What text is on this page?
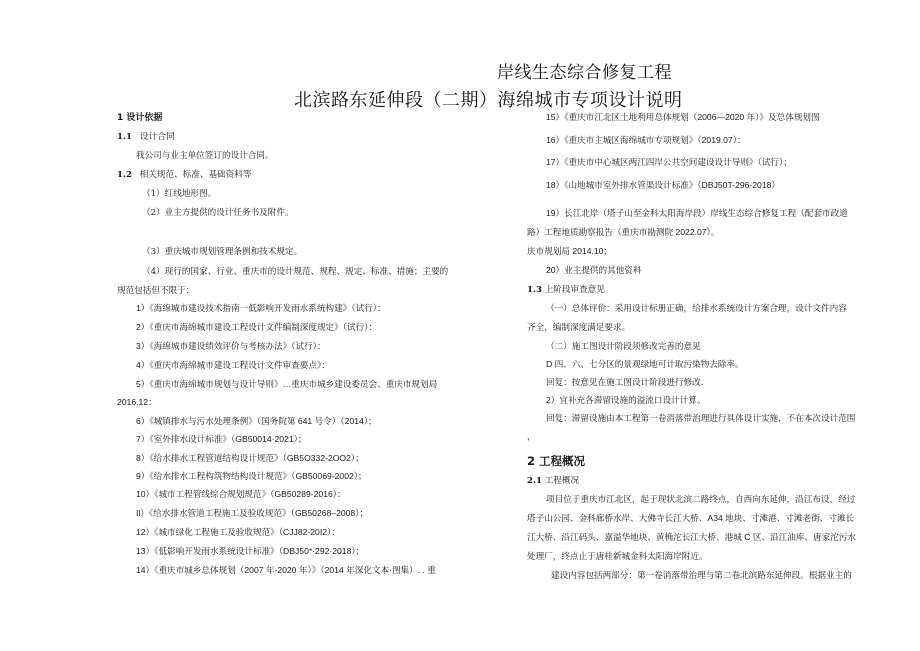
岸线生态综合修复工程
北滨路东延伸段（二期）海绵城市专项设计说明
1 设计依据
1.1 设计合同
我公司与业主单位签订的设计合同。
1.2 相关规范、标准、基础资料等
（1）红线地形图。
（2）业主方提供的设计任务书及附件。
（3）重庆城市规划管理条例和技术规定。
（4）现行的国家、行业、重庆市的设计规范、规程、规定、标准、措施；主要的
规范包括但不限于：
1）《海绵城市建设技术指南一低影响开发雨水系统构建》（试行）：
2）《重庆市海绵城市建设工程设计文件编制深度规定》（试行）：
3）《海绵城市建设绩效评价与考核办法》（试行）：
4）《重庆市海绵城市建设工程设计文件审查要点》：
5）《重庆市海绵城市规划与设计导则》…重庆市城乡建设委员会、重庆市规划局
2016.12：
6）《城镇排水与污水处理条例》（国务院第 641 号令）（2014）；
7）《室外排水设计标准》（GB50014·2021）；
8）《给水排水工程管道结构设计规范》（GB5O332-2OO2）；
9）《给水排水工程构筑物结构设计规范》（GB50069-2002）；
10）《城市工程管线综合规划规范》（GB50289-2016）：
Il）《给水排水管道工程施工及验收规范》（GB50268–2008）；
12）《城市绿化工程施工及验收规范》（CJJ82-20I2）；
13）《低影响开发雨水系统设计标准》（DBJ50*·292·2018）；
14）《重庆市城乡总体规划（2007 年-2020 年）》（2014 年深化文本·图集）. . 重
15）《重庆市江北区土地利用总体规划（2006—2020 年）》及总体规划图
16）《重庆市主城区海绵城市专项规划》（2019.07）：
17）《重庆市中心城区两江四岸公共空间建设设计导则》（试行）；
18）《山地城市室外排水管渠设计标准》（DBJ50T-296-2018）
19）长江北岸（塔子山至金科太阳海岸段）岸线生态综合修复工程（配套市政道
路）工程地质勘察报告（重庆市勘测院 2022.07）。
庆市规划局 2014.10；
20）业主提供的其他资料
1.3 上阶段审查意见
（一）总体评价：采用设计标册正确，给排水系统设计方案合理，设计文件内容
齐全，编制深度满足要求。
（二）施工图设计阶段须修改完善的意见
D 四、六、七分区的景观绿地可计取污染物去除率。
回复：按意见在施工图设计阶段进行修改.
2）宜补充各滞留设施的溢流口设计计算。
回复：滞留设施由本工程第一卷消落带治理进行具体设计实施，不在本次设计范围
，
2 工程概况
2.1 工程概况
项目位于重庆市江北区，起于现状北滨二路终点，自西向东延伸，沿江布设，经过
塔子山公园、金科廊桥水岸、大佛寺长江大桥、A34 地块、寸滩港、寸滩老街、寸滩长
江大桥、沿江码头、嘉溢华地块、黄桷沱长江大桥、港城 C 区、沿江油库、唐家沱污水
处理厂，终点止于唐桂新城金科太阳海岸附近。
建设内容包括两部分：第一卷消落带治理与第二卷北滨路东延伸段。根据业主的
